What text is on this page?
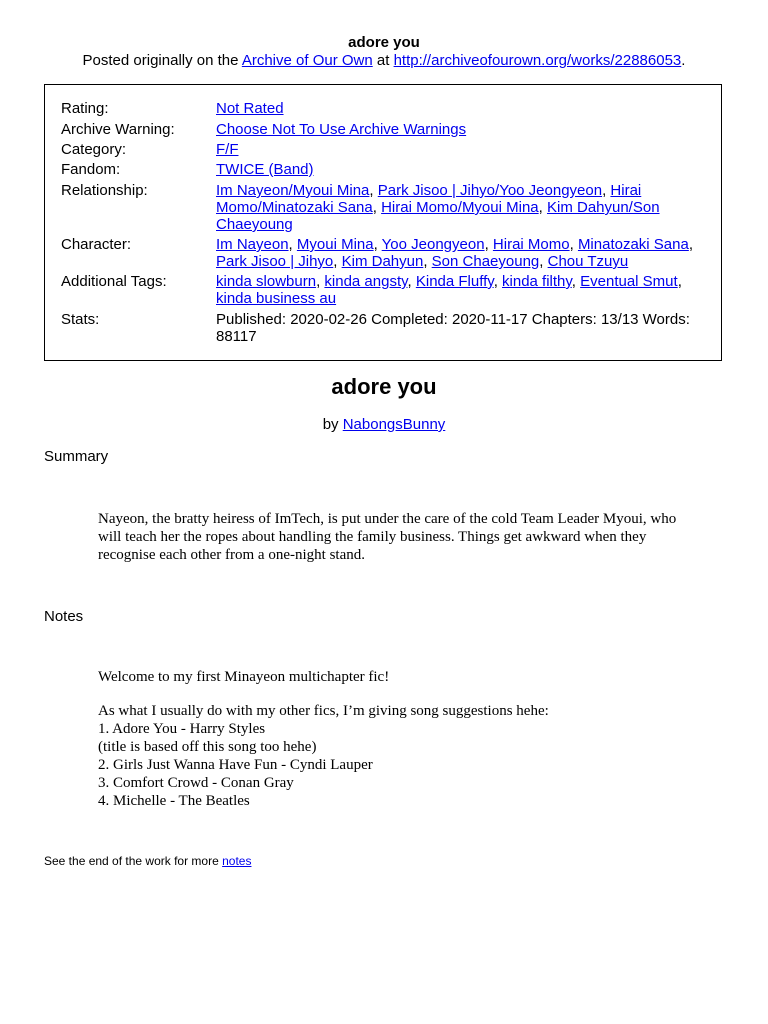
adore you
Posted originally on the Archive of Our Own at http://archiveofourown.org/works/22886053.
Rating:	Not Rated
Archive Warning:	Choose Not To Use Archive Warnings
Category:	F/F
Fandom:	TWICE (Band)
Relationship:	Im Nayeon/Myoui Mina, Park Jisoo | Jihyo/Yoo Jeongyeon, Hirai Momo/Minatozaki Sana, Hirai Momo/Myoui Mina, Kim Dahyun/Son Chaeyoung
Character:	Im Nayeon, Myoui Mina, Yoo Jeongyeon, Hirai Momo, Minatozaki Sana, Park Jisoo | Jihyo, Kim Dahyun, Son Chaeyoung, Chou Tzuyu
Additional Tags:	kinda slowburn, kinda angsty, Kinda Fluffy, kinda filthy, Eventual Smut, kinda business au
Stats:	Published: 2020-02-26 Completed: 2020-11-17 Chapters: 13/13 Words: 88117
adore you
by NabongsBunny
Summary
Nayeon, the bratty heiress of ImTech, is put under the care of the cold Team Leader Myoui, who will teach her the ropes about handling the family business. Things get awkward when they recognise each other from a one-night stand.
Notes
Welcome to my first Minayeon multichapter fic!
As what I usually do with my other fics, I’m giving song suggestions hehe:
1. Adore You - Harry Styles
(title is based off this song too hehe)
2. Girls Just Wanna Have Fun - Cyndi Lauper
3. Comfort Crowd - Conan Gray
4. Michelle - The Beatles
See the end of the work for more notes
